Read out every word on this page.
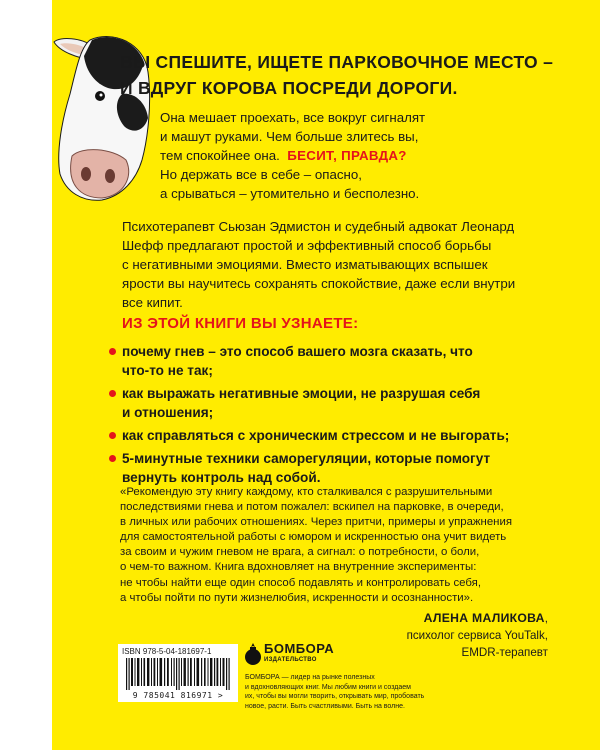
ВЫ СПЕШИТЕ, ИЩЕТЕ ПАРКОВОЧНОЕ МЕСТО –
И ВДРУГ КОРОВА ПОСРЕДИ ДОРОГИ.
Она мешает проехать, все вокруг сигналят
и машут руками. Чем больше злитесь вы,
тем спокойнее она. БЕСИТ, ПРАВДА?
Но держать все в себе – опасно,
а срываться – утомительно и бесполезно.
Психотерапевт Сьюзан Эдмистон и судебный адвокат Леонард
Шефф предлагают простой и эффективный способ борьбы
с негативными эмоциями. Вместо изматывающих вспышек
ярости вы научитесь сохранять спокойствие, даже если внутри
все кипит.
ИЗ ЭТОЙ КНИГИ ВЫ УЗНАЕТЕ:
почему гнев – это способ вашего мозга сказать, что
что-то не так;
как выражать негативные эмоции, не разрушая себя
и отношения;
как справляться с хроническим стрессом и не выгорать;
5-минутные техники саморегуляции, которые помогут
вернуть контроль над собой.
«Рекомендую эту книгу каждому, кто сталкивался с разрушительными
последствиями гнева и потом пожалел: вскипел на парковке, в очереди,
в личных или рабочих отношениях. Через притчи, примеры и упражнения
для самостоятельной работы с юмором и искренностью она учит видеть
за своим и чужим гневом не врага, а сигнал: о потребности, о боли,
о чем-то важном. Книга вдохновляет на внутренние эксперименты:
не чтобы найти еще один способ подавлять и контролировать себя,
а чтобы пойти по пути жизнелюбия, искренности и осознанности».
АЛЕНА МАЛИКОВА,
психолог сервиса YouTalk,
EMDR-терапевт
ISBN 978-5-04-181697-1
9 785041 816971 >
БОМБОРА
ИЗДАТЕЛЬСТВО
БОМБОРА — лидер на рынке полезных
и вдохновляющих книг. Мы любим книги и создаем
их, чтобы вы могли творить, открывать мир, пробовать
новое, расти. Быть счастливыми. Быть на волне.
